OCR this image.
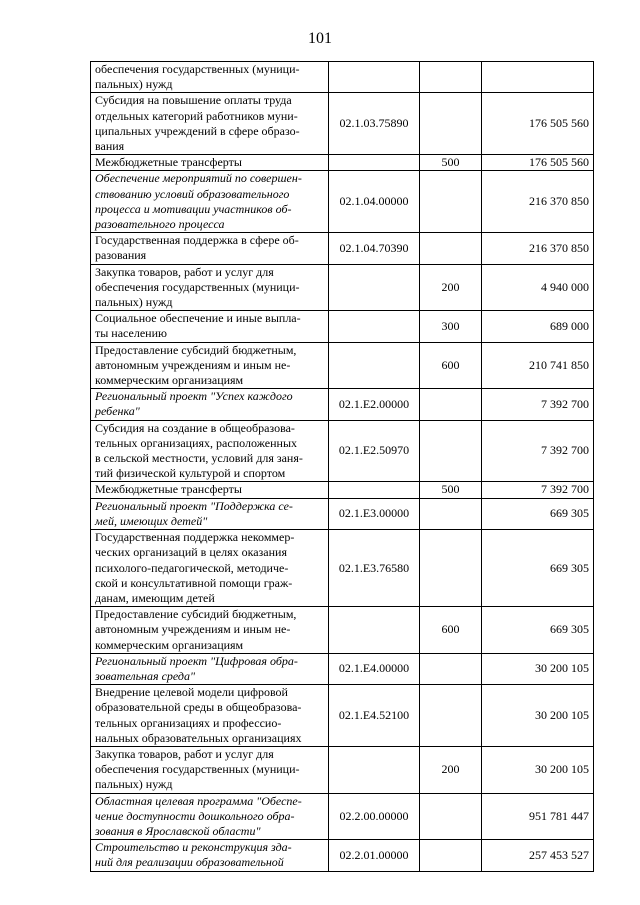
101
обеспечения государственных (муници-
пальных) нужд			
Субсидия на повышение оплаты труда
отдельных категорий работников муни-
ципальных учреждений в сфере образо-
вания	02.1.03.75890		176 505 560
Межбюджетные трансферты		500	176 505 560
Обеспечение мероприятий по совершен-
ствованию условий образовательного
процесса и мотивации участников об-
разовательного процесса	02.1.04.00000		216 370 850
Государственная поддержка в сфере об-
разования	02.1.04.70390		216 370 850
Закупка товаров, работ и услуг для
обеспечения государственных (муници-
пальных) нужд		200	4 940 000
Социальное обеспечение и иные выпла-
ты населению		300	689 000
Предоставление субсидий бюджетным,
автономным учреждениям и иным не-
коммерческим организациям		600	210 741 850
Региональный проект "Успех каждого
ребенка"	02.1.E2.00000		7 392 700
Субсидия на создание в общеобразова-
тельных организациях, расположенных
в сельской местности, условий для заня-
тий физической культурой и спортом	02.1.E2.50970		7 392 700
Межбюджетные трансферты		500	7 392 700
Региональный проект "Поддержка се-
мей, имеющих детей"	02.1.E3.00000		669 305
Государственная поддержка некоммер-
ческих организаций в целях оказания
психолого-педагогической, методиче-
ской и консультативной помощи граж-
данам, имеющим детей	02.1.E3.76580		669 305
Предоставление субсидий бюджетным,
автономным учреждениям и иным не-
коммерческим организациям		600	669 305
Региональный проект "Цифровая обра-
зовательная среда"	02.1.E4.00000		30 200 105
Внедрение целевой модели цифровой
образовательной среды в общеобразова-
тельных организациях и профессио-
нальных образовательных организациях	02.1.E4.52100		30 200 105
Закупка товаров, работ и услуг для
обеспечения государственных (муници-
пальных) нужд		200	30 200 105
Областная целевая программа "Обеспе-
чение доступности дошкольного обра-
зования в Ярославской области"	02.2.00.00000		951 781 447
Строительство и реконструкция зда-
ний для реализации образовательной	02.2.01.00000		257 453 527
